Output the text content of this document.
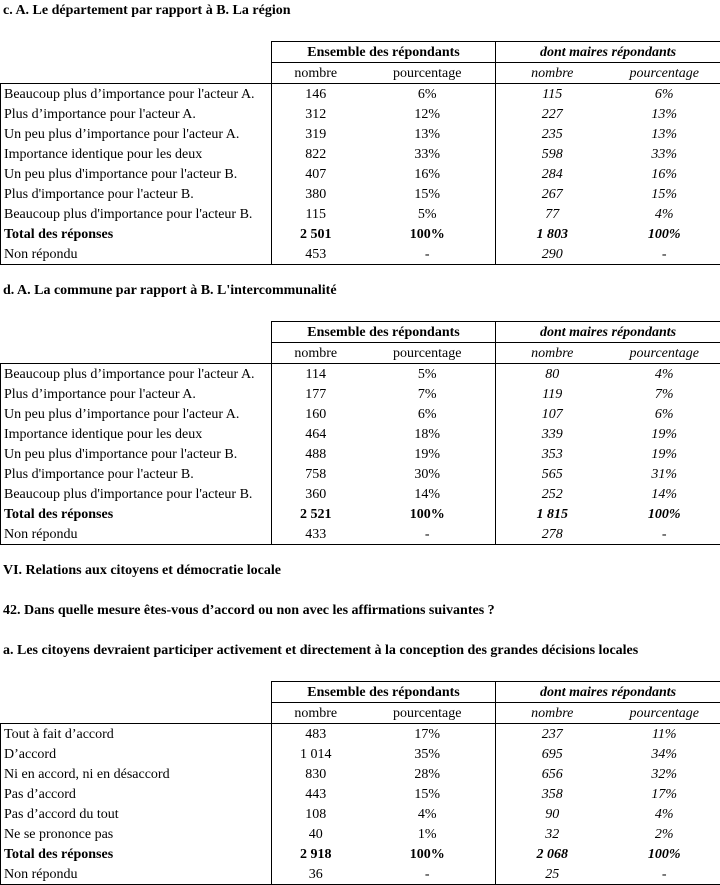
c. A. Le département par rapport à B. La région
	Ensemble des répondants		dont maires répondants	
	nombre	pourcentage	nombre	pourcentage
Beaucoup plus d’importance pour l'acteur A.	146	6%	115	6%
Plus d’importance pour l'acteur A.	312	12%	227	13%
Un peu plus d’importance pour l'acteur A.	319	13%	235	13%
Importance identique pour les deux	822	33%	598	33%
Un peu plus d'importance pour l'acteur B.	407	16%	284	16%
Plus d'importance pour l'acteur B.	380	15%	267	15%
Beaucoup plus d'importance pour l'acteur B.	115	5%	77	4%
Total des réponses	2 501	100%	1 803	100%
Non répondu	453	-	290	-
d. A. La commune par rapport à B. L'intercommunalité
	Ensemble des répondants		dont maires répondants	
	nombre	pourcentage	nombre	pourcentage
Beaucoup plus d’importance pour l'acteur A.	114	5%	80	4%
Plus d’importance pour l'acteur A.	177	7%	119	7%
Un peu plus d’importance pour l'acteur A.	160	6%	107	6%
Importance identique pour les deux	464	18%	339	19%
Un peu plus d'importance pour l'acteur B.	488	19%	353	19%
Plus d'importance pour l'acteur B.	758	30%	565	31%
Beaucoup plus d'importance pour l'acteur B.	360	14%	252	14%
Total des réponses	2 521	100%	1 815	100%
Non répondu	433	-	278	-
VI. Relations aux citoyens et démocratie locale
42. Dans quelle mesure êtes-vous d’accord ou non avec les affirmations suivantes ?
a. Les citoyens devraient participer activement et directement à la conception des grandes décisions locales
	Ensemble des répondants		dont maires répondants	
	nombre	pourcentage	nombre	pourcentage
Tout à fait d’accord	483	17%	237	11%
D’accord	1 014	35%	695	34%
Ni en accord, ni en désaccord	830	28%	656	32%
Pas d’accord	443	15%	358	17%
Pas d’accord du tout	108	4%	90	4%
Ne se prononce pas	40	1%	32	2%
Total des réponses	2 918	100%	2 068	100%
Non répondu	36	-	25	-
